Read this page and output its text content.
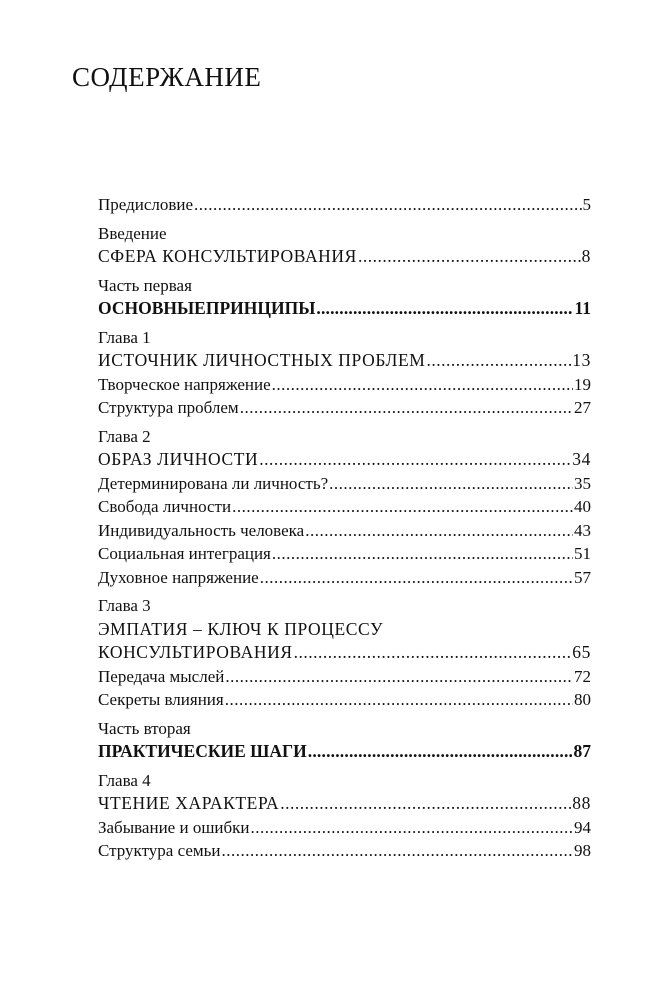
СОДЕРЖАНИЕ
Предисловие .....	5
Введение
СФЕРА КОНСУЛЬТИРОВАНИЯ .....	8
Часть первая
ОСНОВНЫЕПРИНЦИПЫ .....	11
Глава 1
ИСТОЧНИК ЛИЧНОСТНЫХ ПРОБЛЕМ .....	13
Творческое напряжение .....	19
Структура проблем .....	27
Глава 2
ОБРАЗ ЛИЧНОСТИ .....	34
Детерминирована ли личность? .....	35
Свобода личности .....	40
Индивидуальность человека .....	43
Социальная интеграция .....	51
Духовное напряжение .....	57
Глава 3
ЭМПАТИЯ – КЛЮЧ К ПРОЦЕССУ
КОНСУЛЬТИРОВАНИЯ .....	65
Передача мыслей .....	72
Секреты влияния .....	80
Часть вторая
ПРАКТИЧЕСКИЕ ШАГИ .....	87
Глава 4
ЧТЕНИЕ ХАРАКТЕРА .....	88
Забывание и ошибки .....	94
Структура семьи .....	98
